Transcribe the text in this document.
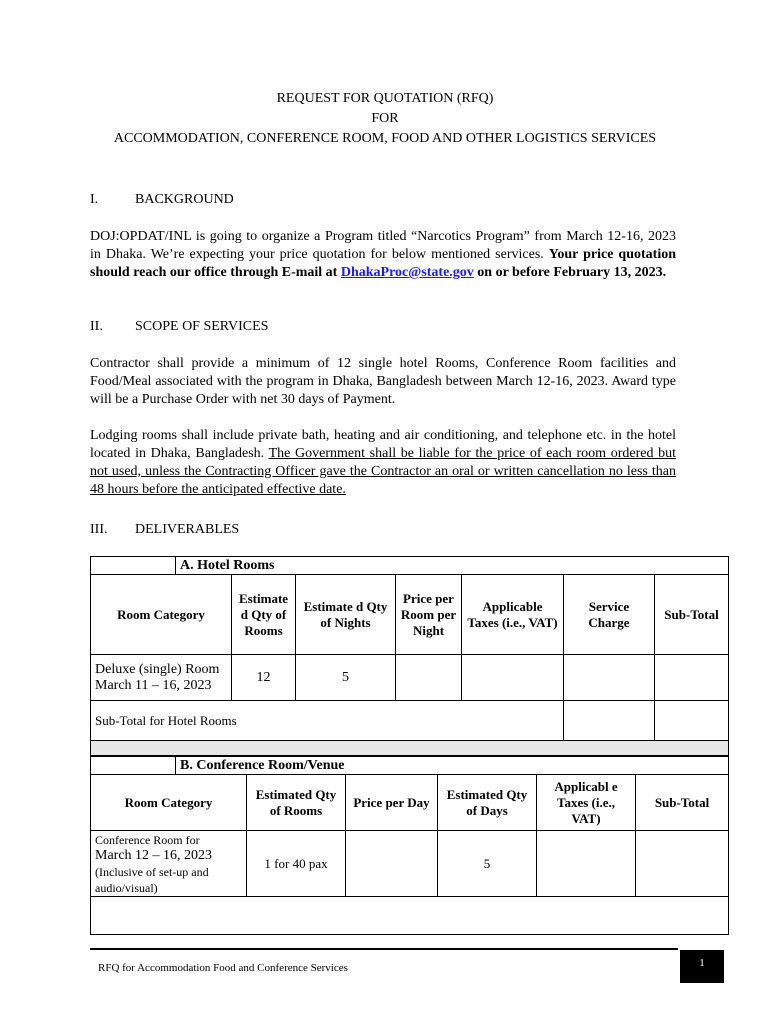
REQUEST FOR QUOTATION (RFQ)
FOR
ACCOMMODATION, CONFERENCE ROOM, FOOD AND OTHER LOGISTICS SERVICES
I.	BACKGROUND

DOJ:OPDAT/INL is going to organize a Program titled “Narcotics Program” from March 12-16, 2023 in Dhaka. We’re expecting your price quotation for below mentioned services. Your price quotation should reach our office through E-mail at DhakaProc@state.gov on or before February 13, 2023.

II. SCOPE OF SERVICES

Contractor shall provide a minimum of 12 single hotel Rooms, Conference Room facilities and Food/Meal associated with the program in Dhaka, Bangladesh between March 12-16, 2023. Award type will be a Purchase Order with net 30 days of Payment.

Lodging rooms shall include private bath, heating and air conditioning, and telephone etc. in the hotel located in Dhaka, Bangladesh. The Government shall be liable for the price of each room ordered but not used, unless the Contracting Officer gave the Contractor an oral or written cancellation no less than 48 hours before the anticipated effective date.

III. DELIVERABLES
	A. Hotel Rooms						
Room Category		Estimate d Qty of Rooms	Estimate d Qty of Nights	Price per Room per Night	Applicable Taxes (i.e., VAT)	Service Charge	Sub-Total
Deluxe (single) Room March 11 – 16, 2023		12	5				
Sub-Total for Hotel Rooms							

	B. Conference Room/Venue					
Room Category		Estimated Qty of Rooms	Price per Day	Estimated Qty of Days	Applicabl e Taxes (i.e., VAT)	Sub-Total

Conference Room for
March 12 – 16, 2023
(Inclusive of set-up and audio/visual)		1 for 40 pax		5		

RFQ for Accommodation Food and Conference Services	1
